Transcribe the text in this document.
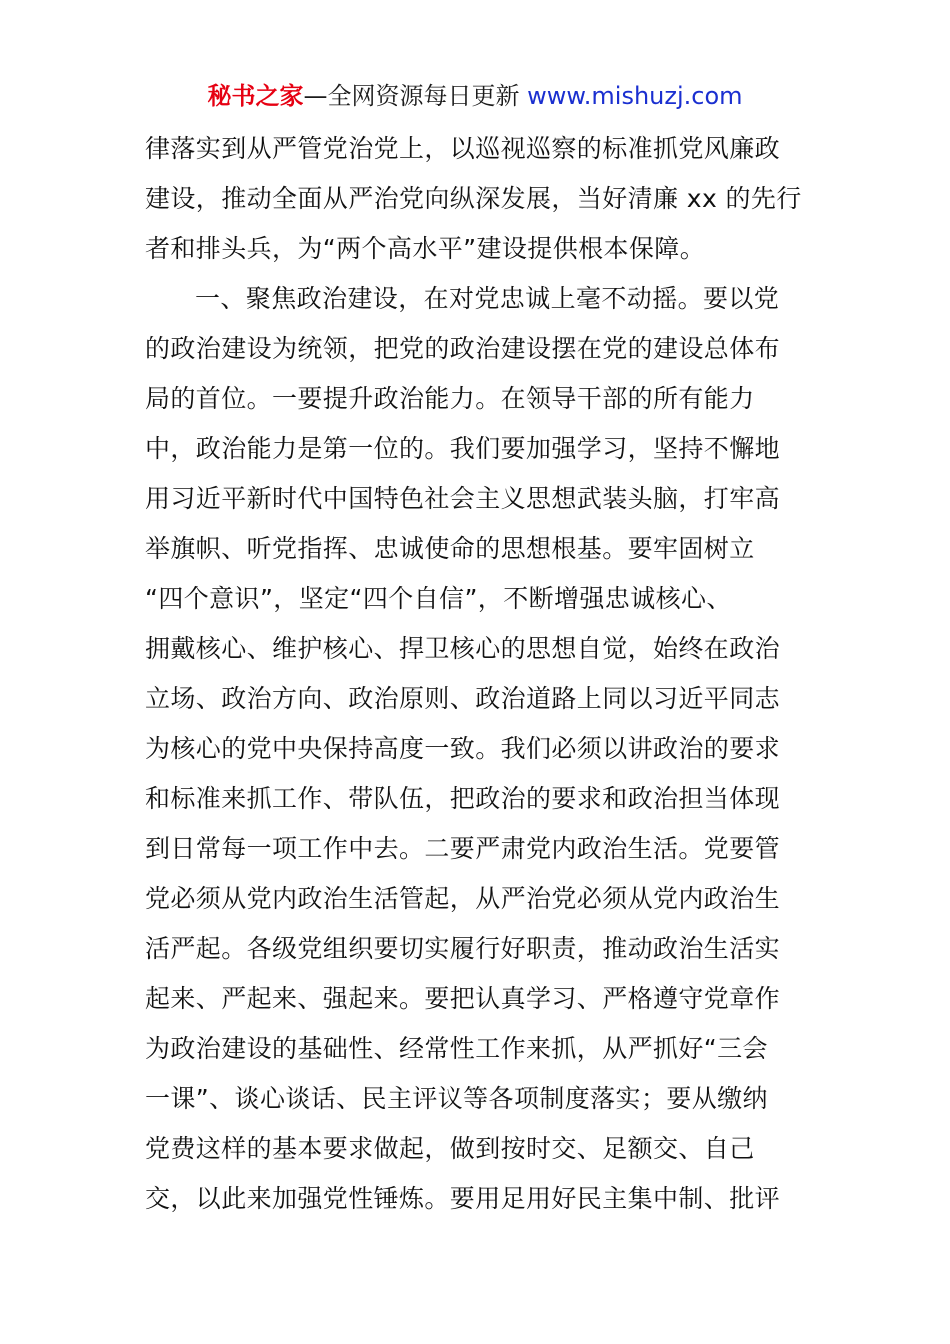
秘书之家—全网资源每日更新 www.mishuzj.com
律落实到从严管党治党上，以巡视巡察的标准抓党风廉政
建设，推动全面从严治党向纵深发展，当好清廉 xx 的先行
者和排头兵，为“两个高水平”建设提供根本保障。
一、聚焦政治建设，在对党忠诚上毫不动摇。要以党
的政治建设为统领，把党的政治建设摆在党的建设总体布
局的首位。一要提升政治能力。在领导干部的所有能力
中，政治能力是第一位的。我们要加强学习，坚持不懈地
用习近平新时代中国特色社会主义思想武装头脑，打牢高
举旗帜、听党指挥、忠诚使命的思想根基。要牢固树立
“四个意识”，坚定“四个自信”，不断增强忠诚核心、
拥戴核心、维护核心、捍卫核心的思想自觉，始终在政治
立场、政治方向、政治原则、政治道路上同以习近平同志
为核心的党中央保持高度一致。我们必须以讲政治的要求
和标准来抓工作、带队伍，把政治的要求和政治担当体现
到日常每一项工作中去。二要严肃党内政治生活。党要管
党必须从党内政治生活管起，从严治党必须从党内政治生
活严起。各级党组织要切实履行好职责，推动政治生活实
起来、严起来、强起来。要把认真学习、严格遵守党章作
为政治建设的基础性、经常性工作来抓，从严抓好“三会
一课”、谈心谈话、民主评议等各项制度落实；要从缴纳
党费这样的基本要求做起，做到按时交、足额交、自己
交，以此来加强党性锤炼。要用足用好民主集中制、批评
